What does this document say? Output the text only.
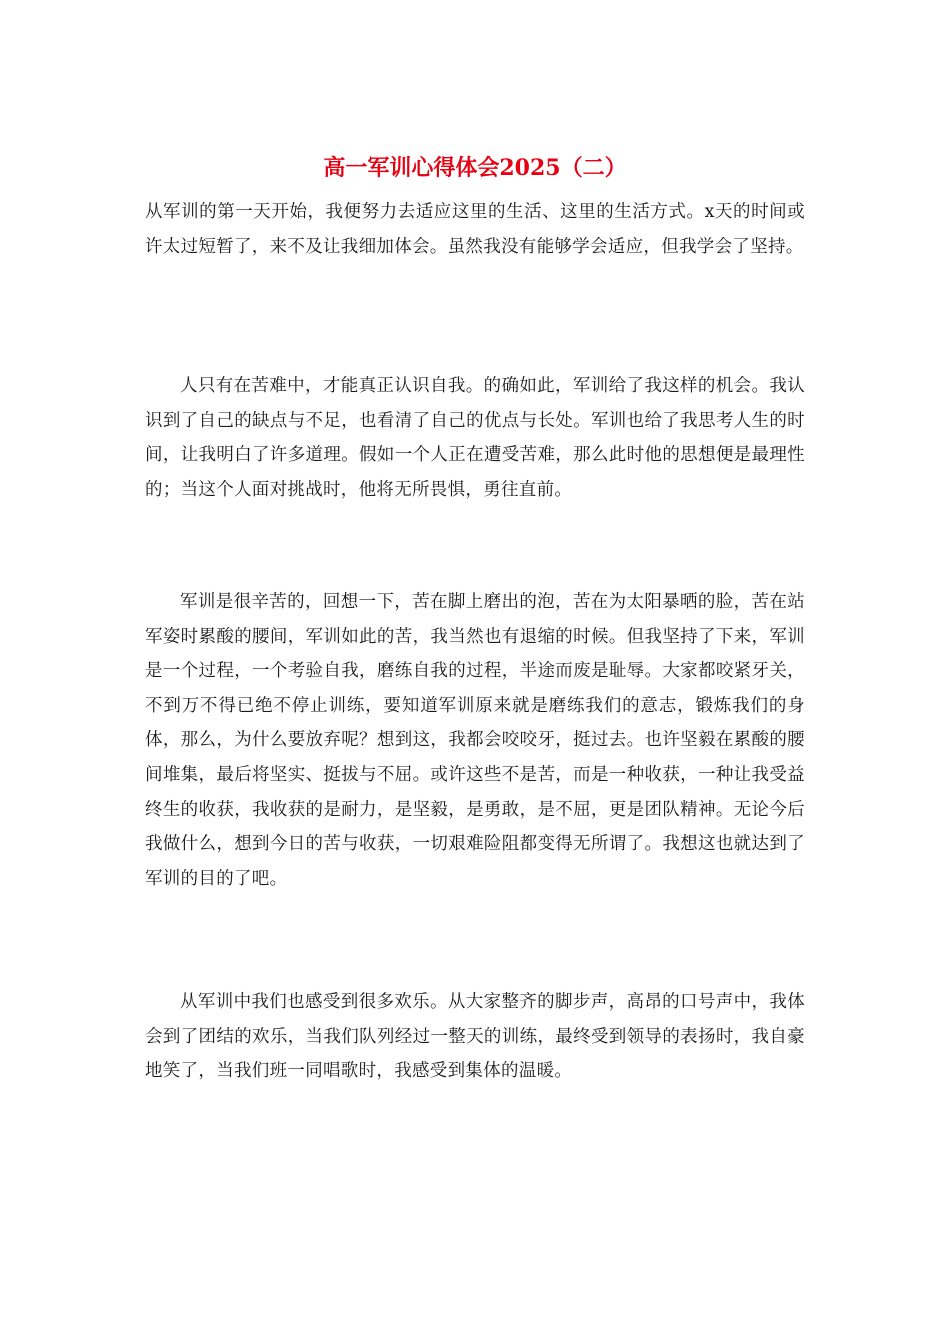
高一军训心得体会2025（二）

从军训的第一天开始，我便努力去适应这里的生活、这里的生活方式。x天的时间或许太过短暂了，来不及让我细加体会。虽然我没有能够学会适应，但我学会了坚持。

人只有在苦难中，才能真正认识自我。的确如此，军训给了我这样的机会。我认识到了自己的缺点与不足，也看清了自己的优点与长处。军训也给了我思考人生的时间，让我明白了许多道理。假如一个人正在遭受苦难，那么此时他的思想便是最理性的；当这个人面对挑战时，他将无所畏惧，勇往直前。

军训是很辛苦的，回想一下，苦在脚上磨出的泡，苦在为太阳暴晒的脸，苦在站军姿时累酸的腰间，军训如此的苦，我当然也有退缩的时候。但我坚持了下来，军训是一个过程，一个考验自我，磨练自我的过程，半途而废是耻辱。大家都咬紧牙关，不到万不得已绝不停止训练，要知道军训原来就是磨练我们的意志，锻炼我们的身体，那么，为什么要放弃呢？想到这，我都会咬咬牙，挺过去。也许坚毅在累酸的腰间堆集，最后将坚实、挺拔与不屈。或许这些不是苦，而是一种收获，一种让我受益终生的收获，我收获的是耐力，是坚毅，是勇敢，是不屈，更是团队精神。无论今后我做什么，想到今日的苦与收获，一切艰难险阻都变得无所谓了。我想这也就达到了军训的目的了吧。

从军训中我们也感受到很多欢乐。从大家整齐的脚步声，高昂的口号声中，我体会到了团结的欢乐，当我们队列经过一整天的训练，最终受到领导的表扬时，我自豪地笑了，当我们班一同唱歌时，我感受到集体的温暖。
